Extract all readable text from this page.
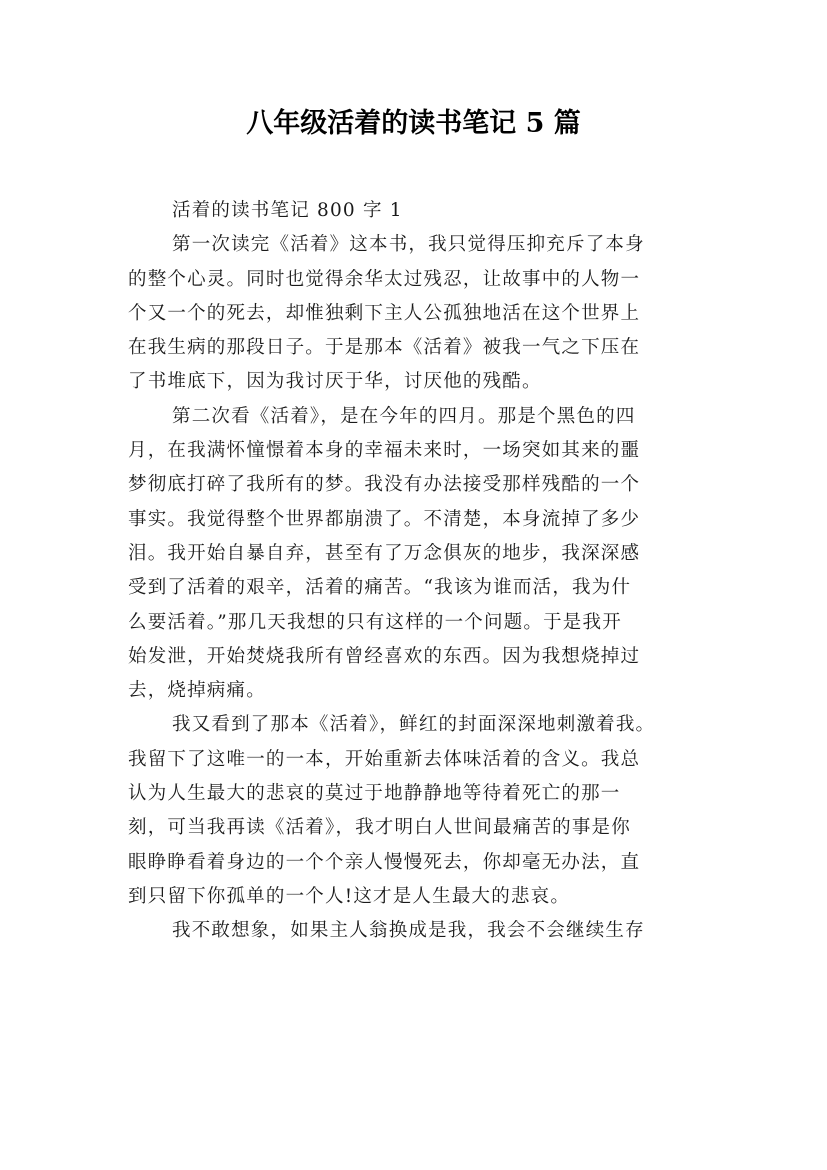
八年级活着的读书笔记 5 篇
活着的读书笔记 800 字 1
第一次读完《活着》这本书，我只觉得压抑充斥了本身
的整个心灵。同时也觉得余华太过残忍，让故事中的人物一
个又一个的死去，却惟独剩下主人公孤独地活在这个世界上
在我生病的那段日子。于是那本《活着》被我一气之下压在
了书堆底下，因为我讨厌于华，讨厌他的残酷。
第二次看《活着》，是在今年的四月。那是个黑色的四
月，在我满怀憧憬着本身的幸福未来时，一场突如其来的噩
梦彻底打碎了我所有的梦。我没有办法接受那样残酷的一个
事实。我觉得整个世界都崩溃了。不清楚，本身流掉了多少
泪。我开始自暴自弃，甚至有了万念俱灰的地步，我深深感
受到了活着的艰辛，活着的痛苦。“我该为谁而活，我为什
么要活着。”那几天我想的只有这样的一个问题。于是我开
始发泄，开始焚烧我所有曾经喜欢的东西。因为我想烧掉过
去，烧掉病痛。
我又看到了那本《活着》，鲜红的封面深深地刺激着我。
我留下了这唯一的一本，开始重新去体味活着的含义。我总
认为人生最大的悲哀的莫过于地静静地等待着死亡的那一
刻，可当我再读《活着》，我才明白人世间最痛苦的事是你
眼睁睁看着身边的一个个亲人慢慢死去，你却毫无办法，直
到只留下你孤单的一个人!这才是人生最大的悲哀。
我不敢想象，如果主人翁换成是我，我会不会继续生存
